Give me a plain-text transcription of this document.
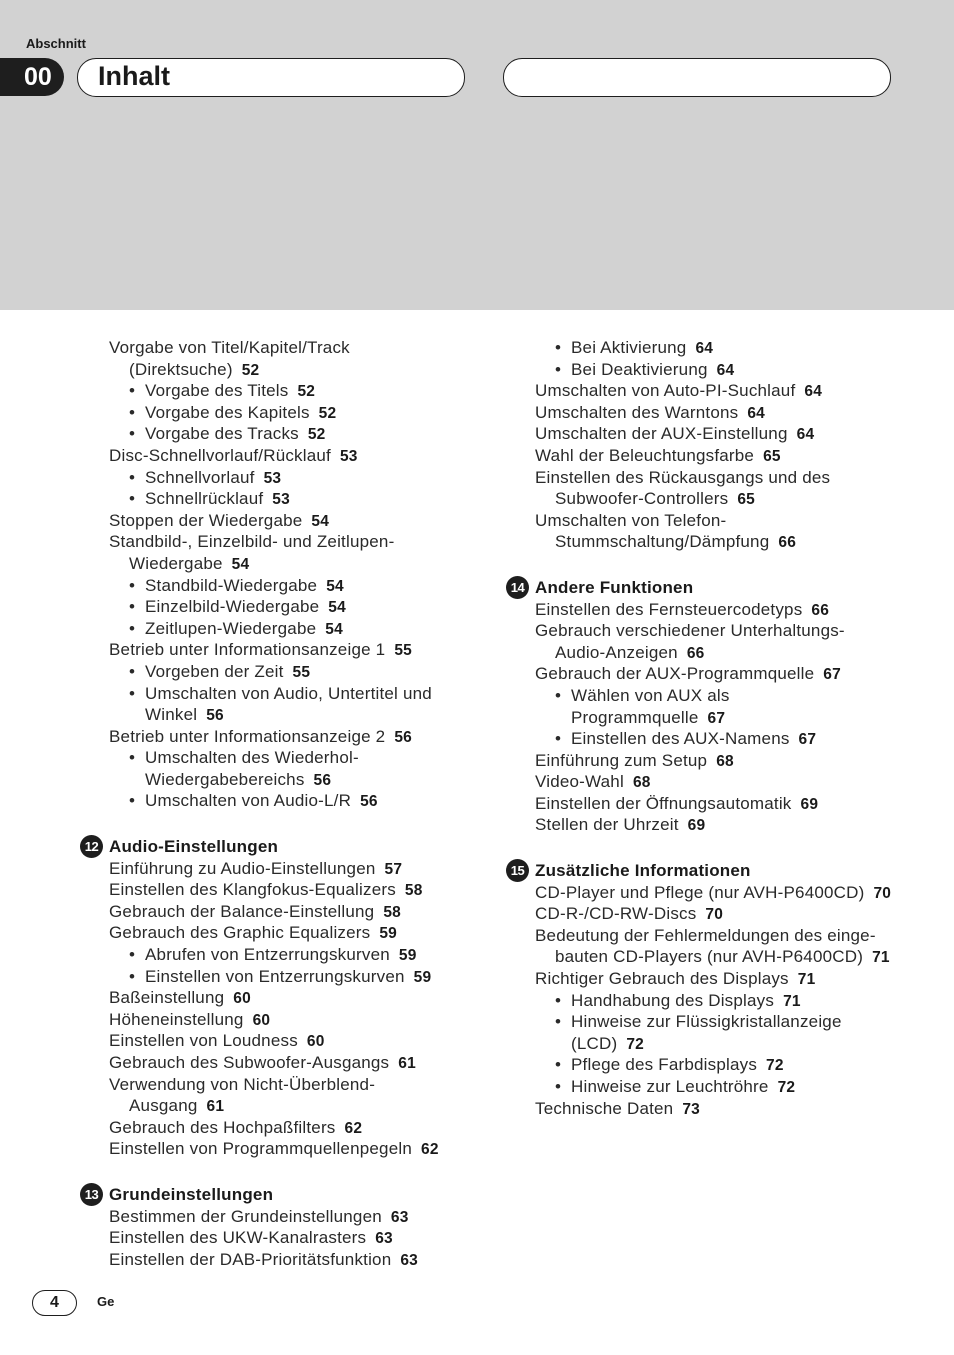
Abschnitt
00	Inhalt
Vorgabe von Titel/Kapitel/Track
(Direktsuche) 52
• Vorgabe des Titels 52
• Vorgabe des Kapitels 52
• Vorgabe des Tracks 52
Disc-Schnellvorlauf/Rücklauf 53
• Schnellvorlauf 53
• Schnellrücklauf 53
Stoppen der Wiedergabe 54
Standbild-, Einzelbild- und Zeitlupen-
Wiedergabe 54
• Standbild-Wiedergabe 54
• Einzelbild-Wiedergabe 54
• Zeitlupen-Wiedergabe 54
Betrieb unter Informationsanzeige 1 55
• Vorgeben der Zeit 55
• Umschalten von Audio, Untertitel und
Winkel 56
Betrieb unter Informationsanzeige 2 56
• Umschalten des Wiederhol-
Wiedergabebereichs 56
• Umschalten von Audio-L/R 56
12 Audio-Einstellungen
Einführung zu Audio-Einstellungen 57
Einstellen des Klangfokus-Equalizers 58
Gebrauch der Balance-Einstellung 58
Gebrauch des Graphic Equalizers 59
• Abrufen von Entzerrungskurven 59
• Einstellen von Entzerrungskurven 59
Baßeinstellung 60
Höheneinstellung 60
Einstellen von Loudness 60
Gebrauch des Subwoofer-Ausgangs 61
Verwendung von Nicht-Überblend-
Ausgang 61
Gebrauch des Hochpaßfilters 62
Einstellen von Programmquellenpegeln 62
13 Grundeinstellungen
Bestimmen der Grundeinstellungen 63
Einstellen des UKW-Kanalrasters 63
Einstellen der DAB-Prioritätsfunktion 63
• Bei Aktivierung 64
• Bei Deaktivierung 64
Umschalten von Auto-PI-Suchlauf 64
Umschalten des Warntons 64
Umschalten der AUX-Einstellung 64
Wahl der Beleuchtungsfarbe 65
Einstellen des Rückausgangs und des
Subwoofer-Controllers 65
Umschalten von Telefon-
Stummschaltung/Dämpfung 66
14 Andere Funktionen
Einstellen des Fernsteuercodetyps 66
Gebrauch verschiedener Unterhaltungs-
Audio-Anzeigen 66
Gebrauch der AUX-Programmquelle 67
• Wählen von AUX als
Programmquelle 67
• Einstellen des AUX-Namens 67
Einführung zum Setup 68
Video-Wahl 68
Einstellen der Öffnungsautomatik 69
Stellen der Uhrzeit 69
15 Zusätzliche Informationen
CD-Player und Pflege (nur AVH-P6400CD) 70
CD-R-/CD-RW-Discs 70
Bedeutung der Fehlermeldungen des einge-
bauten CD-Players (nur AVH-P6400CD) 71
Richtiger Gebrauch des Displays 71
• Handhabung des Displays 71
• Hinweise zur Flüssigkristallanzeige
(LCD) 72
• Pflege des Farbdisplays 72
• Hinweise zur Leuchtröhre 72
Technische Daten 73
4	Ge
